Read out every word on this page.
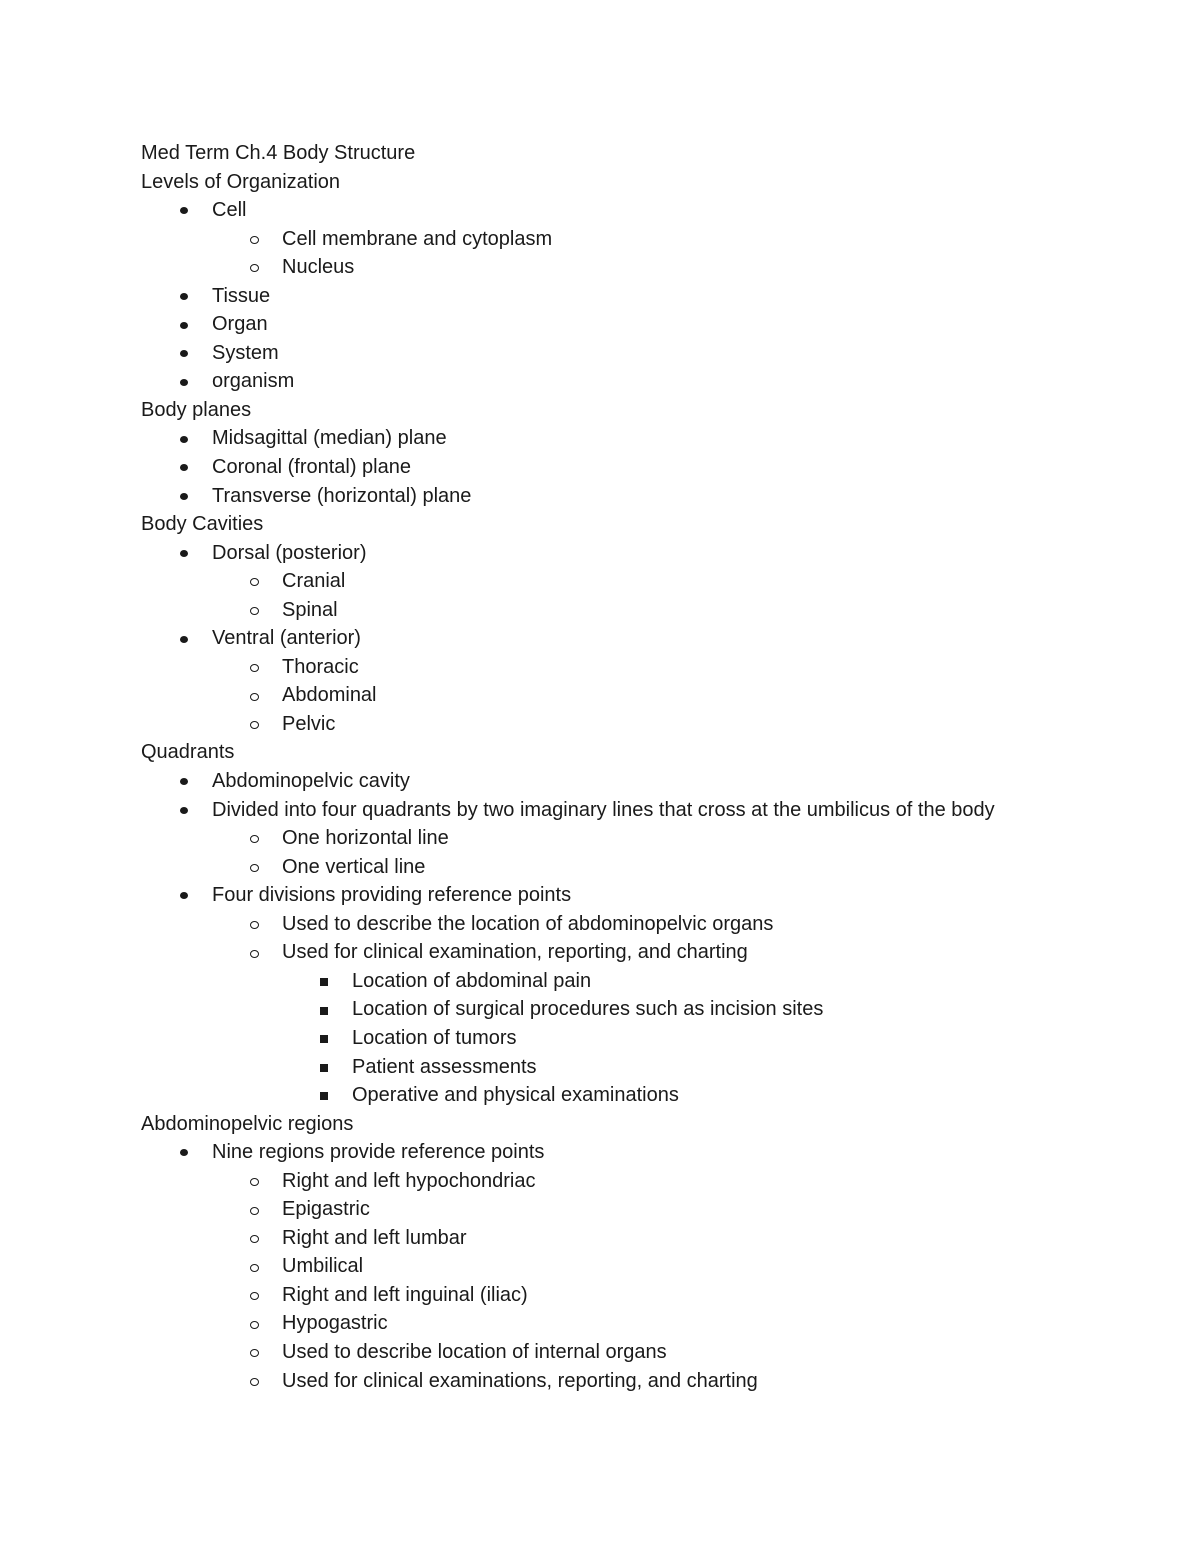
Med Term Ch.4 Body Structure
Levels of Organization
Cell
Cell membrane and cytoplasm
Nucleus
Tissue
Organ
System
organism
Body planes
Midsagittal (median) plane
Coronal (frontal) plane
Transverse (horizontal) plane
Body Cavities
Dorsal (posterior)
Cranial
Spinal
Ventral (anterior)
Thoracic
Abdominal
Pelvic
Quadrants
Abdominopelvic cavity
Divided into four quadrants by two imaginary lines that cross at the umbilicus of the body
One horizontal line
One vertical line
Four divisions providing reference points
Used to describe the location of abdominopelvic organs
Used for clinical examination, reporting, and charting
Location of abdominal pain
Location of surgical procedures such as incision sites
Location of tumors
Patient assessments
Operative and physical examinations
Abdominopelvic regions
Nine regions provide reference points
Right and left hypochondriac
Epigastric
Right and left lumbar
Umbilical
Right and left inguinal (iliac)
Hypogastric
Used to describe location of internal organs
Used for clinical examinations, reporting, and charting
